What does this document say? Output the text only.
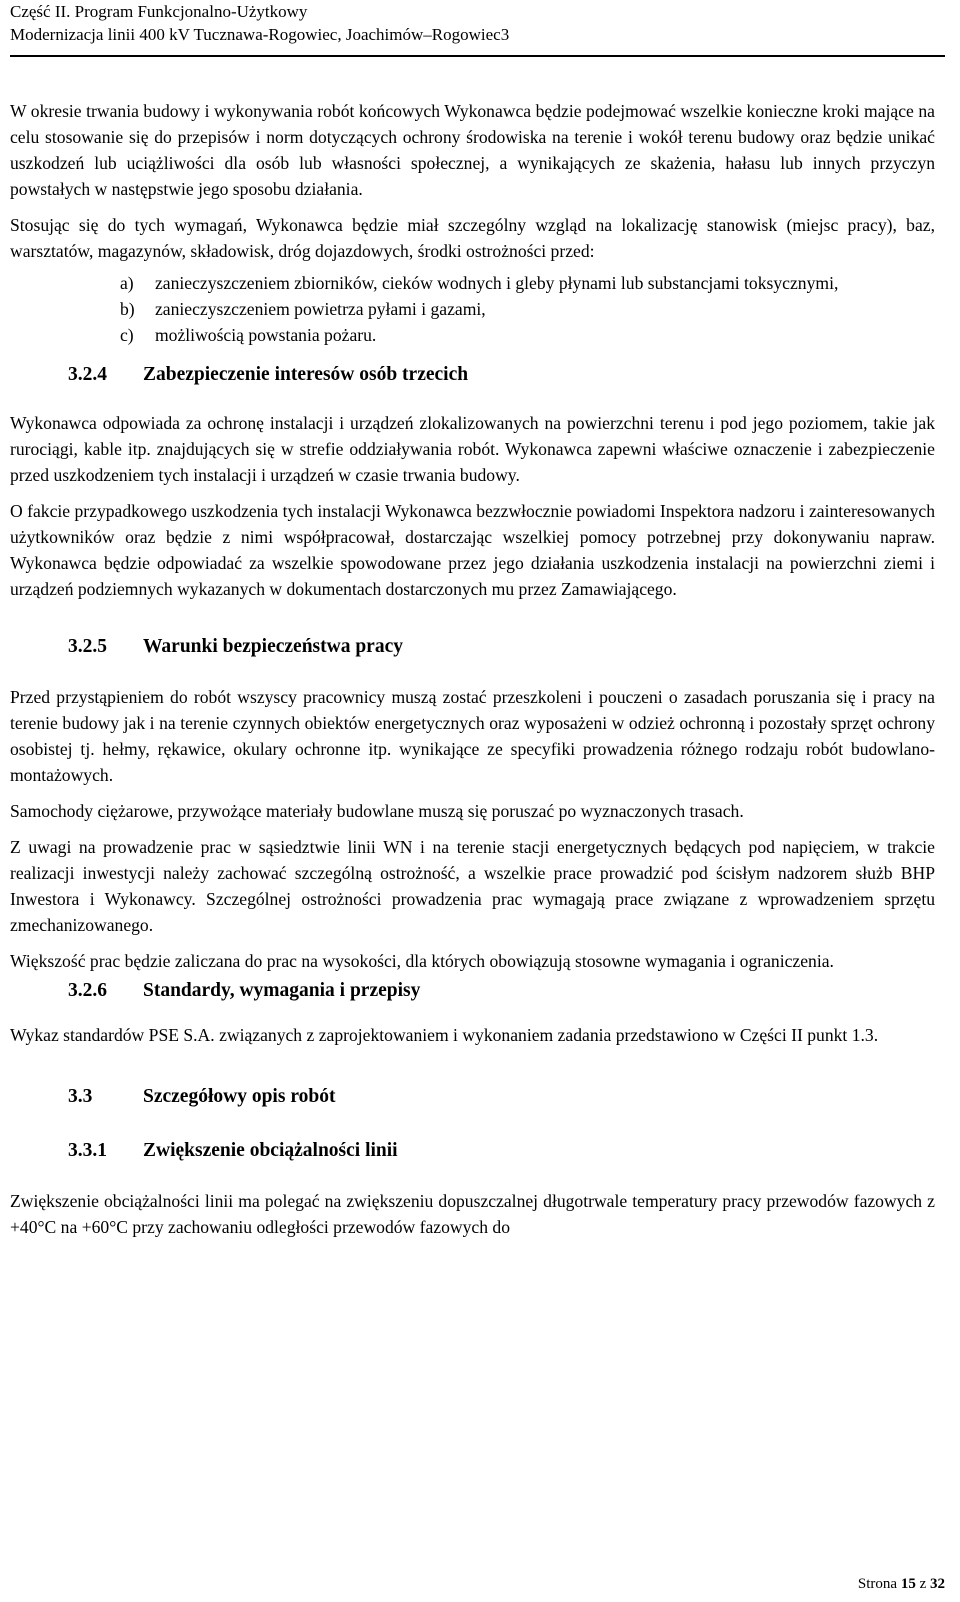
Część II. Program Funkcjonalno-Użytkowy
Modernizacja linii 400 kV Tucznawa-Rogowiec, Joachimów–Rogowiec3

W okresie trwania budowy i wykonywania robót końcowych Wykonawca będzie podejmować wszelkie konieczne kroki mające na celu stosowanie się do przepisów i norm dotyczących ochrony środowiska na terenie i wokół terenu budowy oraz będzie unikać uszkodzeń lub uciążliwości dla osób lub własności społecznej, a wynikających ze skażenia, hałasu lub innych przyczyn powstałych w następstwie jego sposobu działania.

Stosując się do tych wymagań, Wykonawca będzie miał szczególny wzgląd na lokalizację stanowisk (miejsc pracy), baz, warsztatów, magazynów, składowisk, dróg dojazdowych, środki ostrożności przed:

a) zanieczyszczeniem zbiorników, cieków wodnych i gleby płynami lub substancjami toksycznymi,
b) zanieczyszczeniem powietrza pyłami i gazami,
c) możliwością powstania pożaru.
3.2.4 Zabezpieczenie interesów osób trzecich

Wykonawca odpowiada za ochronę instalacji i urządzeń zlokalizowanych na powierzchni terenu i pod jego poziomem, takie jak rurociągi, kable itp. znajdujących się w strefie oddziaływania robót. Wykonawca zapewni właściwe oznaczenie i zabezpieczenie przed uszkodzeniem tych instalacji i urządzeń w czasie trwania budowy.

O fakcie przypadkowego uszkodzenia tych instalacji Wykonawca bezzwłocznie powiadomi Inspektora nadzoru i zainteresowanych użytkowników oraz będzie z nimi współpracował, dostarczając wszelkiej pomocy potrzebnej przy dokonywaniu napraw. Wykonawca będzie odpowiadać za wszelkie spowodowane przez jego działania uszkodzenia instalacji na powierzchni ziemi i urządzeń podziemnych wykazanych w dokumentach dostarczonych mu przez Zamawiającego.

3.2.5 Warunki bezpieczeństwa pracy

Przed przystąpieniem do robót wszyscy pracownicy muszą zostać przeszkoleni i pouczeni o zasadach poruszania się i pracy na terenie budowy jak i na terenie czynnych obiektów energetycznych oraz wyposażeni w odzież ochronną i pozostały sprzęt ochrony osobistej tj. hełmy, rękawice, okulary ochronne itp. wynikające ze specyfiki prowadzenia różnego rodzaju robót budowlano-montażowych.

Samochody ciężarowe, przywożące materiały budowlane muszą się poruszać po wyznaczonych trasach.

Z uwagi na prowadzenie prac w sąsiedztwie linii WN i na terenie stacji energetycznych będących pod napięciem, w trakcie realizacji inwestycji należy zachować szczególną ostrożność, a wszelkie prace prowadzić pod ścisłym nadzorem służb BHP Inwestora i Wykonawcy. Szczególnej ostrożności prowadzenia prac wymagają prace związane z wprowadzeniem sprzętu zmechanizowanego.

Większość prac będzie zaliczana do prac na wysokości, dla których obowiązują stosowne wymagania i ograniczenia.

3.2.6 Standardy, wymagania i przepisy

Wykaz standardów PSE S.A. związanych z zaprojektowaniem i wykonaniem zadania przedstawiono w Części II punkt 1.3.

3.3	Szczegółowy opis robót
3.3.1 Zwiększenie obciążalności linii

Zwiększenie obciążalności linii ma polegać na zwiększeniu dopuszczalnej długotrwale temperatury pracy przewodów fazowych z +40°C na +60°C przy zachowaniu odległości przewodów fazowych do

Strona 15 z 32
